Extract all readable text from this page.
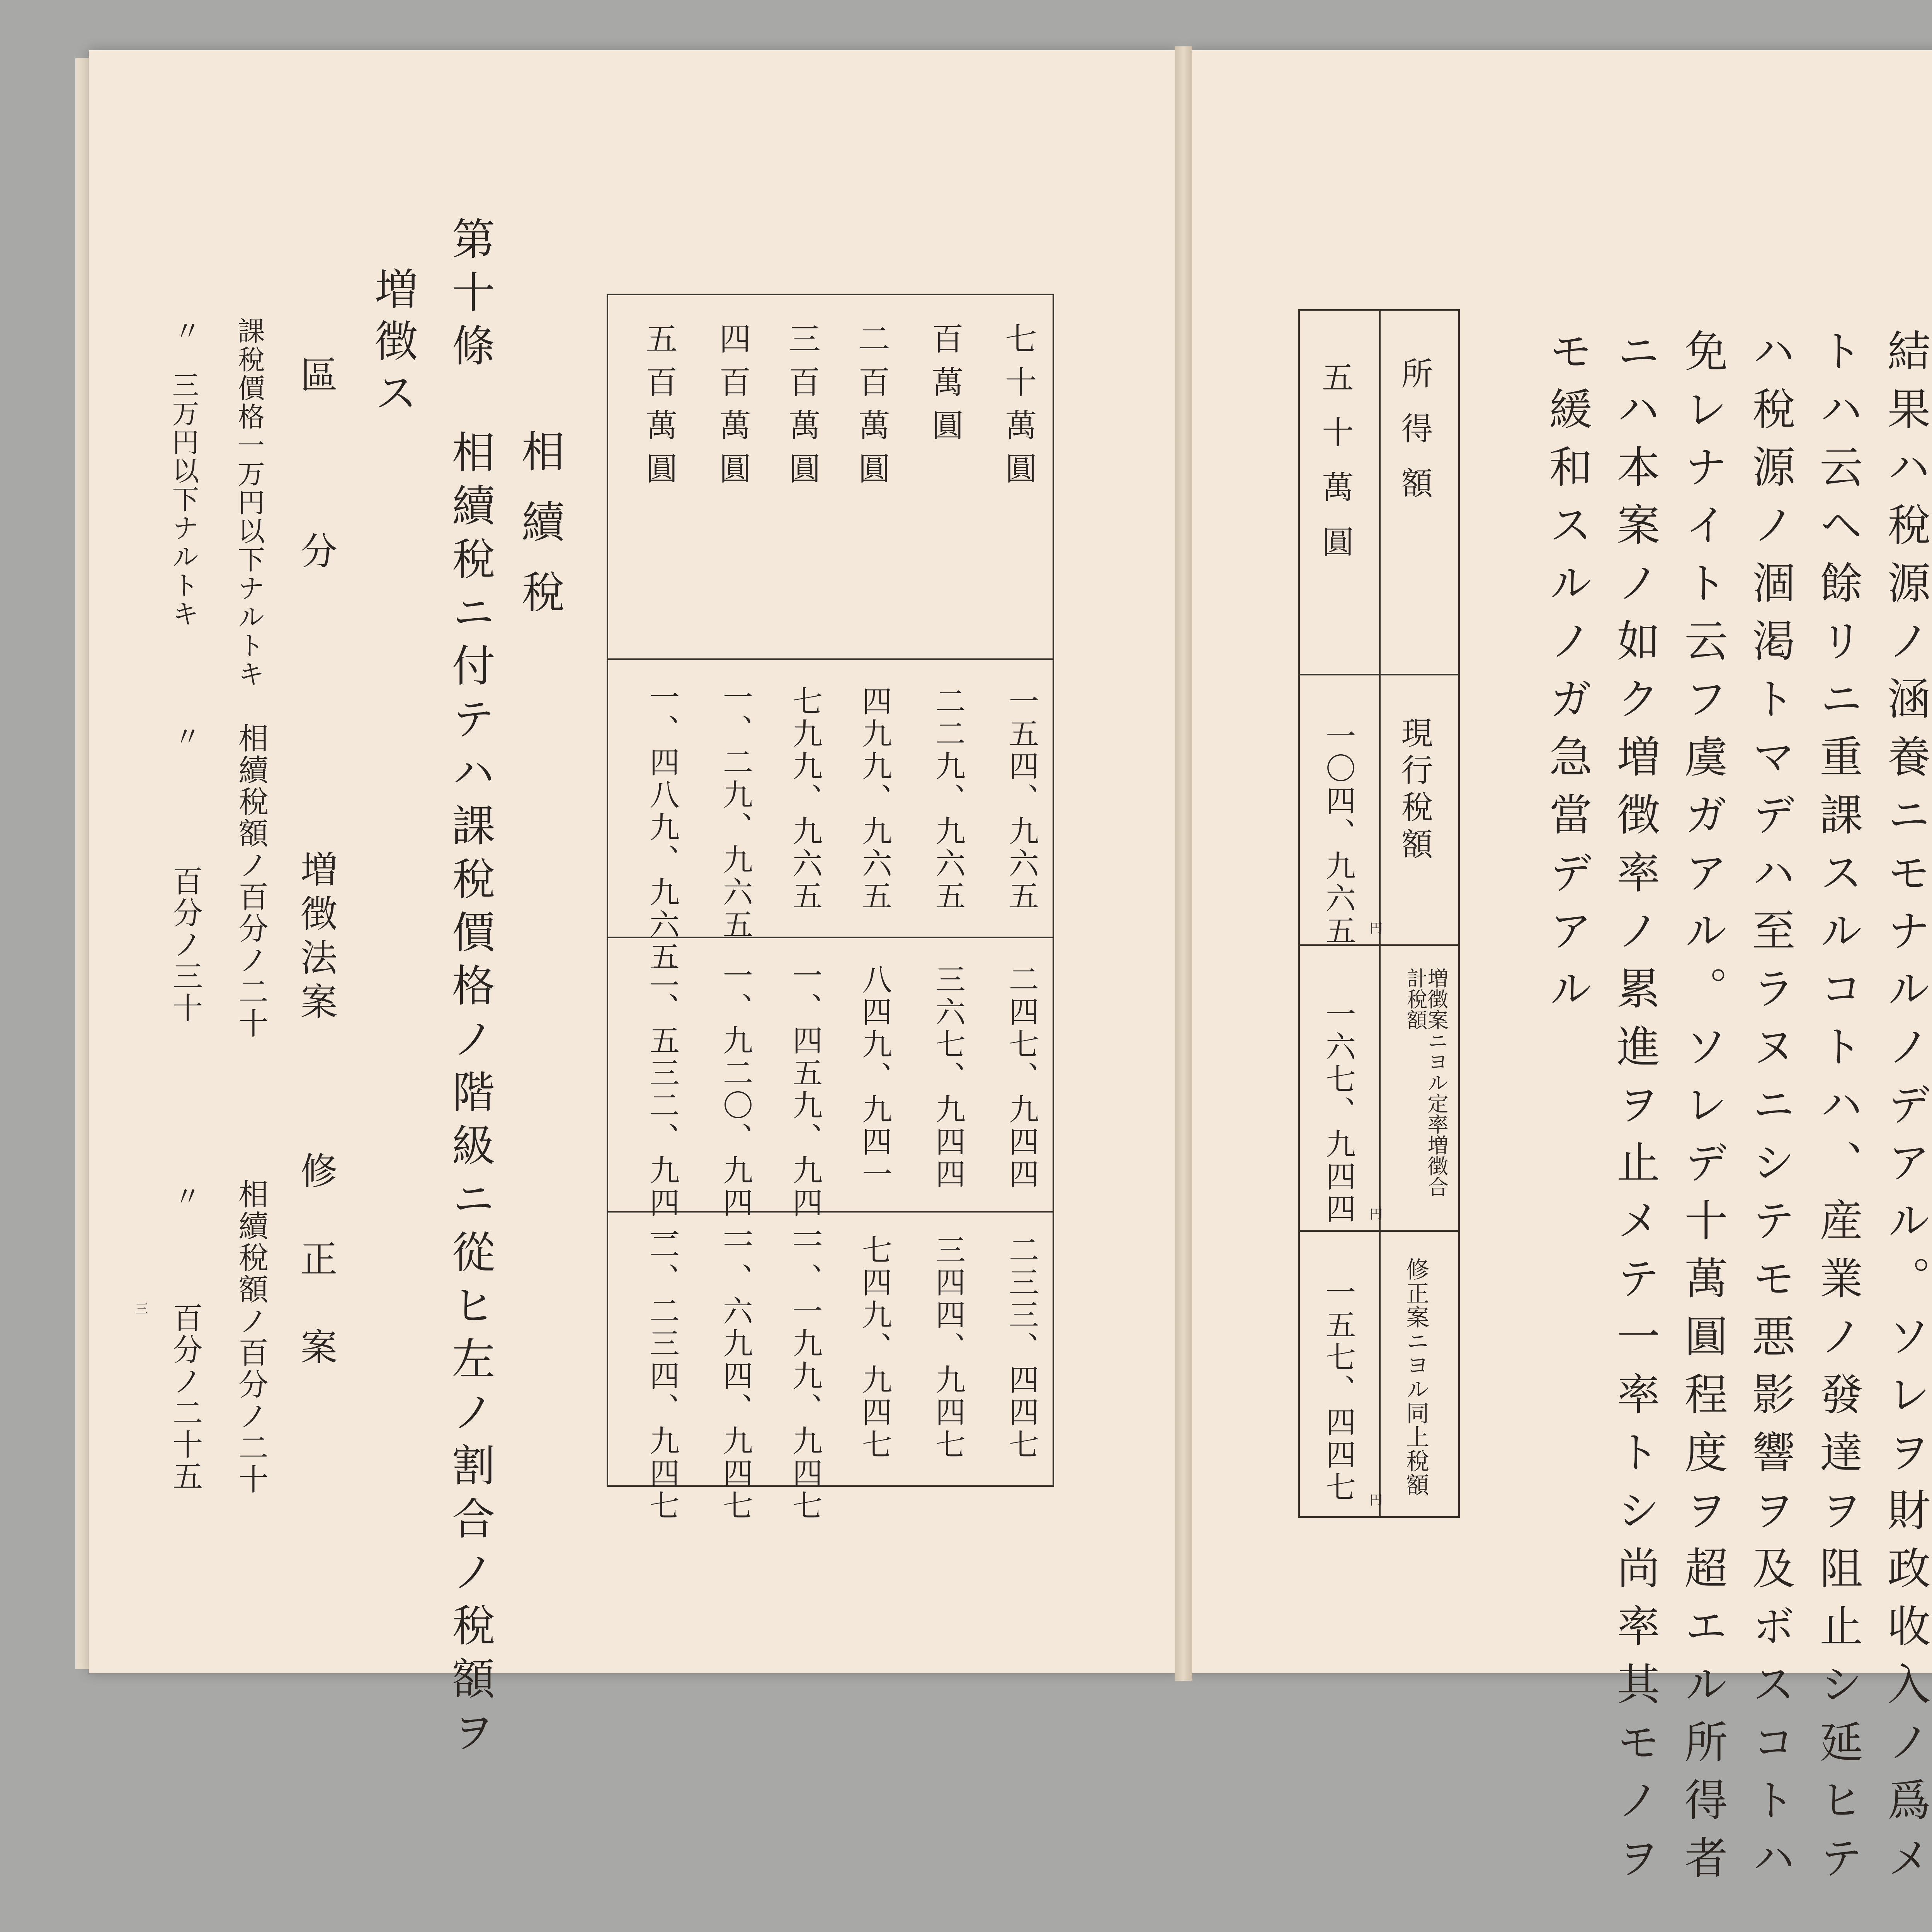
七十萬圓
百萬圓
二百萬圓
三百萬圓
四百萬圓
五百萬圓
一五四、九六五
二二九、九六五
四九九、九六五
七九九、九六五
一、二九、九六五
一、四八九、九六五
二四七、九四四
三六七、九四四
八四九、九四一
一、四五九、九四一
一、九二〇、九四一
二、五三二、九四一
二三三、四四七
三四四、九四七
七四九、九四七
一、一九九、九四七
一、六九四、九四七
二、二三四、九四七
相續稅
第十條　相續稅ニ付テハ課稅價格ノ階級ニ從ヒ左ノ割合ノ稅額ヲ
増徴ス
區　　　分
増徴法案
修　正　案
課稅價格一万円以下ナルトキ
相續稅額ノ百分ノ二十
相續稅額ノ百分ノ二十
三万円以下ナルトキ
百分ノ三十
百分ノ二十五
〃
〃
〃
三	結果ハ稅源ノ涵養ニモナルノデアル。ソレヲ財政收入ノ爲メ
トハ云ヘ餘リニ重課スルコトハ、産業ノ發達ヲ阻止シ延ヒテ
ハ稅源ノ涸渇トマデハ至ラヌニシテモ悪影響ヲ及ボスコトハ
免レナイト云フ虞ガアル。ソレデ十萬圓程度ヲ超エル所得者
ニハ本案ノ如ク増徴率ノ累進ヲ止メテ一率トシ尚率其モノヲ
モ緩和スルノガ急當デアル
所得額
五十萬圓
現行稅額
一〇四、九六五 円
増徴案ニヨル定率増徴合計稅額
一六七、九四四 円
修正案ニヨル同上稅額
一五七、四四七 円
